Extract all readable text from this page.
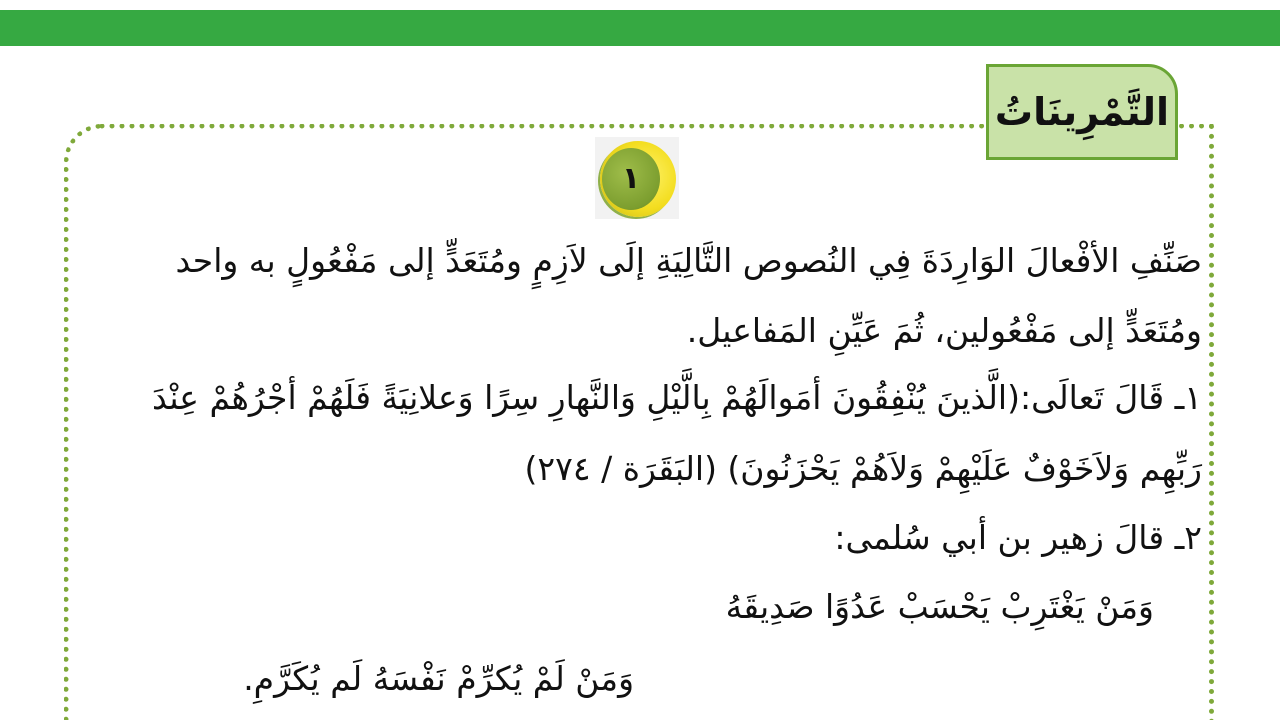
التَّمْرِينَاتُ
١
صَنِّفِ الأفْعالَ الوَارِدَةَ فِي النُصوص التَّالِيَةِ إلَى لاَزِمٍ ومُتَعَدٍّ إلى مَفْعُولٍ به واحد
ومُتَعَدٍّ إلى مَفْعُولين، ثُمَ عَيِّنِ المَفاعيل.
١ـ قَالَ تَعالَى:(الَّذينَ يُنْفِقُونَ أمَوالَهُمْ بِالَّيْلِ وَالنَّهارِ سِرًا وَعلانِيَةً فَلَهُمْ أجْرُهُمْ عِنْدَ
رَبِّهِم وَلاَخَوْفٌ عَلَيْهِمْ وَلاَهُمْ يَحْزَنُونَ) (البَقَرَة / ٢٧٤)
٢ـ قالَ زهير بن أبي سُلمى:
وَمَنْ يَغْتَرِبْ يَحْسَبْ عَدُوًا صَدِيقَهُ
وَمَنْ لَمْ يُكرِّمْ نَفْسَهُ لَم يُكَرَّمِ.
